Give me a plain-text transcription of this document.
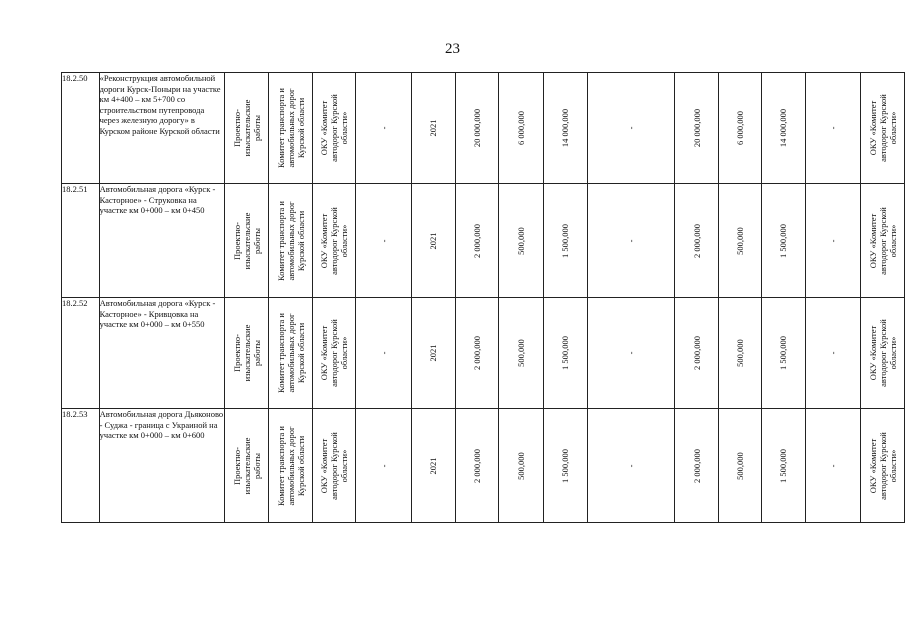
23
18.2.50	«Реконструкция автомобильной дороги Курск-Поныри на участке км 4+400 – км 5+700 со строительством путепровода через железную дорогу» в Курском районе Курской области	Проектно-изыскательские работы	Комитет транспорта и автомобильных дорог Курской области	ОКУ «Комитет автодорог Курской области»	-	2021	20 000,000	6 000,000	14 000,000	-	20 000,000	6 000,000	14 000,000	-	ОКУ «Комитет автодорог Курской области»

18.2.51	Автомобильная дорога «Курск - Касторное» - Струковка на участке км 0+000 – км 0+450	Проектно-изыскательские работы	Комитет транспорта и автомобильных дорог Курской области	ОКУ «Комитет автодорог Курской области»	-	2021	2 000,000	500,000	1 500,000	-	2 000,000	500,000	1 500,000	-	ОКУ «Комитет автодорог Курской области»

18.2.52	Автомобильная дорога «Курск - Касторное» - Кривцовка на участке км 0+000 – км 0+550	Проектно-изыскательские работы	Комитет транспорта и автомобильных дорог Курской области	ОКУ «Комитет автодорог Курской области»	-	2021	2 000,000	500,000	1 500,000	-	2 000,000	500,000	1 500,000	-	ОКУ «Комитет автодорог Курской области»

18.2.53	Автомобильная дорога Дьяконово - Суджа - граница с Украиной на участке км 0+000 – км 0+600	Проектно-изыскательские работы	Комитет транспорта и автомобильных дорог Курской области	ОКУ «Комитет автодорог Курской области»	-	2021	2 000,000	500,000	1 500,000	-	2 000,000	500,000	1 500,000	-	ОКУ «Комитет автодорог Курской области»
